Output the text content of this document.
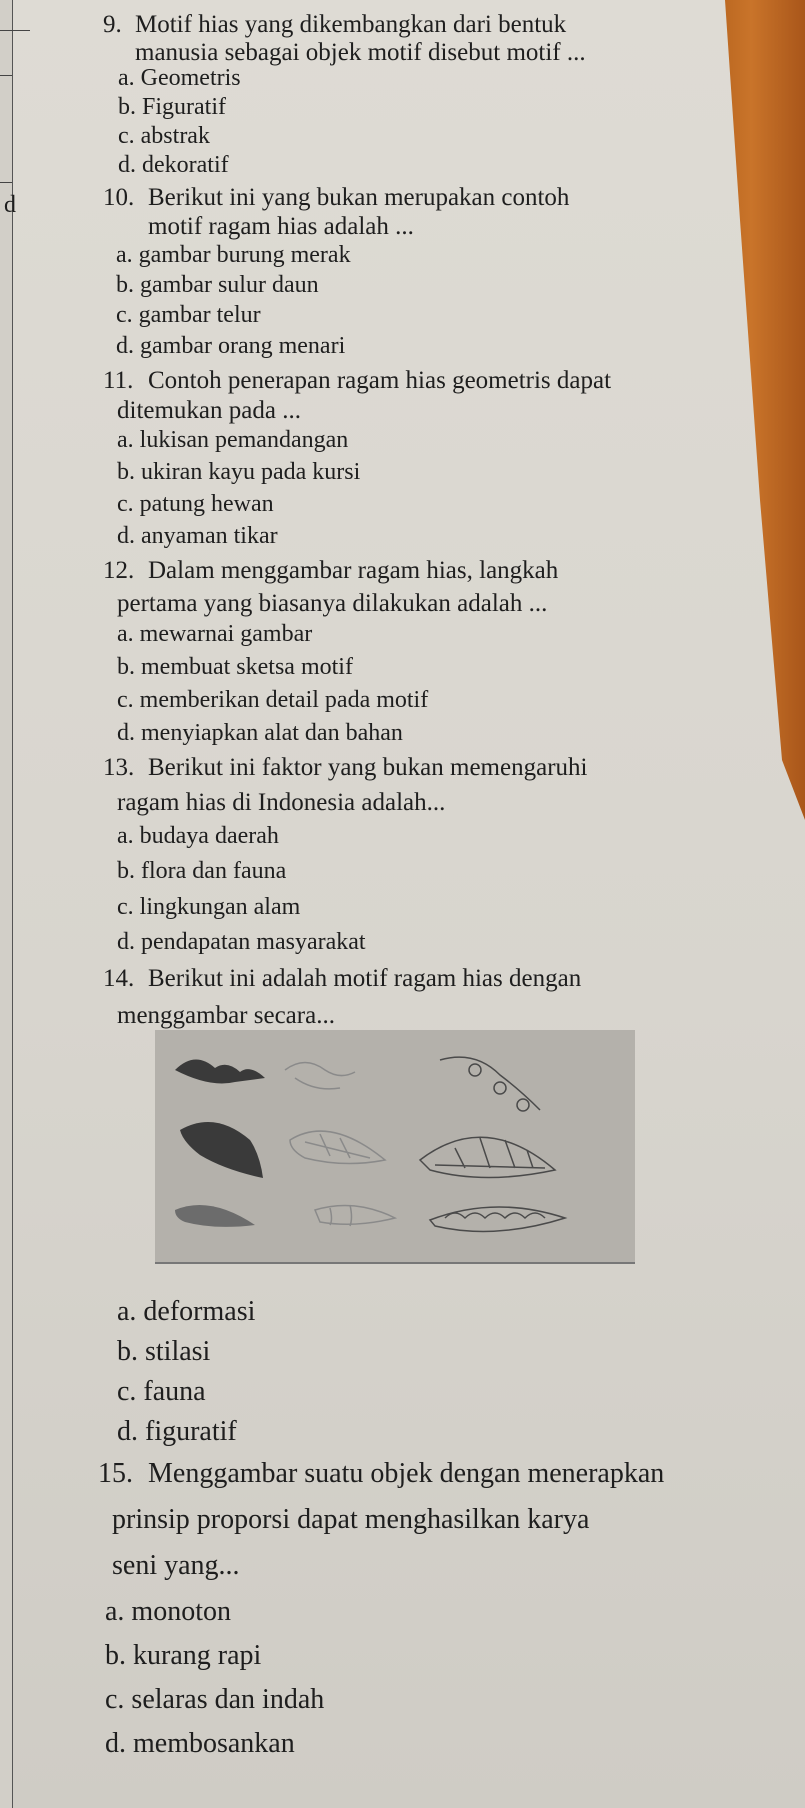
d
9. Motif hias yang dikembangkan dari bentuk
manusia sebagai objek motif disebut motif ...
a. Geometris
b. Figuratif
c. abstrak
d. dekoratif
10. Berikut ini yang bukan merupakan contoh
motif ragam hias adalah ...
a. gambar burung merak
b. gambar sulur daun
c. gambar telur
d. gambar orang menari
11. Contoh penerapan ragam hias geometris dapat
ditemukan pada ...
a. lukisan pemandangan
b. ukiran kayu pada kursi
c. patung hewan
d. anyaman tikar
12. Dalam menggambar ragam hias, langkah
pertama yang biasanya dilakukan adalah ...
a. mewarnai gambar
b. membuat sketsa motif
c. memberikan detail pada motif
d. menyiapkan alat dan bahan
13. Berikut ini faktor yang bukan memengaruhi
ragam hias di Indonesia adalah...
a. budaya daerah
b. flora dan fauna
c. lingkungan alam
d. pendapatan masyarakat
14. Berikut ini adalah motif ragam hias dengan
menggambar secara...
a. deformasi
b. stilasi
c. fauna
d. figuratif
15. Menggambar suatu objek dengan menerapkan
prinsip proporsi dapat menghasilkan karya
seni yang...
a. monoton
b. kurang rapi
c. selaras dan indah
d. membosankan
